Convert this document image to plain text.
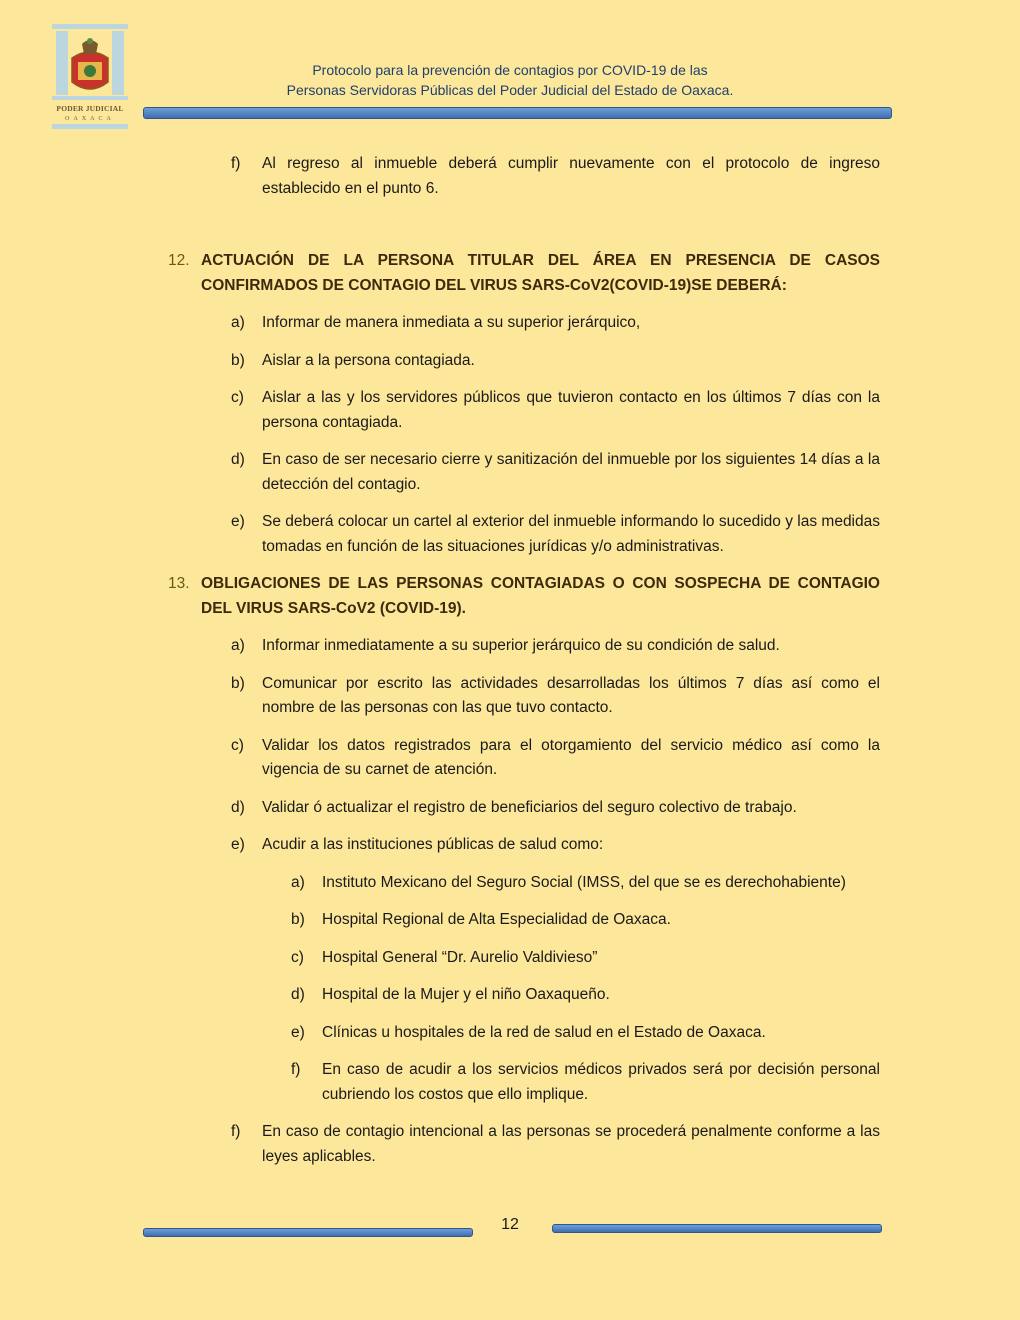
PODER JUDICIAL
OAXACA
Protocolo para la prevención de contagios por COVID-19 de las
Personas Servidoras Públicas del Poder Judicial del Estado de Oaxaca.
f) Al regreso al inmueble deberá cumplir nuevamente con el protocolo de ingreso establecido en el punto 6.
12. ACTUACIÓN DE LA PERSONA TITULAR DEL ÁREA EN PRESENCIA DE CASOS CONFIRMADOS DE CONTAGIO DEL VIRUS SARS-CoV2(COVID-19)SE DEBERÁ:
a) Informar de manera inmediata a su superior jerárquico,
b) Aislar a la persona contagiada.
c) Aislar a las y los servidores públicos que tuvieron contacto en los últimos 7 días con la persona contagiada.
d) En caso de ser necesario cierre y sanitización del inmueble por los siguientes 14 días a la detección del contagio.
e) Se deberá colocar un cartel al exterior del inmueble informando lo sucedido y las medidas tomadas en función de las situaciones jurídicas y/o administrativas.
13. OBLIGACIONES DE LAS PERSONAS CONTAGIADAS O CON SOSPECHA DE CONTAGIO DEL VIRUS SARS-CoV2 (COVID-19).
a) Informar inmediatamente a su superior jerárquico de su condición de salud.
b) Comunicar por escrito las actividades desarrolladas los últimos 7 días así como el nombre de las personas con las que tuvo contacto.
c) Validar los datos registrados para el otorgamiento del servicio médico así como la vigencia de su carnet de atención.
d) Validar ó actualizar el registro de beneficiarios del seguro colectivo de trabajo.
e) Acudir a las instituciones públicas de salud como:
a) Instituto Mexicano del Seguro Social (IMSS, del que se es derechohabiente)
b) Hospital Regional de Alta Especialidad de Oaxaca.
c) Hospital General “Dr. Aurelio Valdivieso”
d) Hospital de la Mujer y el niño Oaxaqueño.
e) Clínicas u hospitales de la red de salud en el Estado de Oaxaca.
f) En caso de acudir a los servicios médicos privados será por decisión personal cubriendo los costos que ello implique.
f) En caso de contagio intencional a las personas se procederá penalmente conforme a las leyes aplicables.
12
